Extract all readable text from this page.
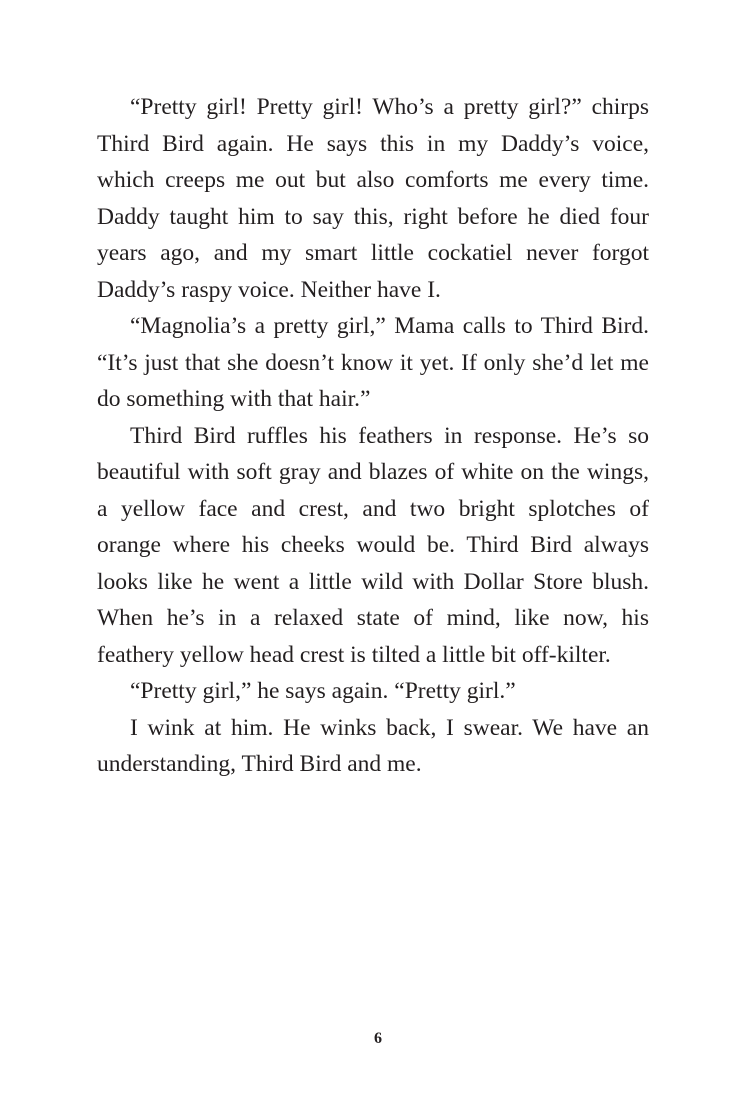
“Pretty girl! Pretty girl! Who’s a pretty girl?” chirps Third Bird again. He says this in my Daddy’s voice, which creeps me out but also comforts me every time. Daddy taught him to say this, right before he died four years ago, and my smart little cockatiel never forgot Daddy’s raspy voice. Neither have I.

“Magnolia’s a pretty girl,” Mama calls to Third Bird. “It’s just that she doesn’t know it yet. If only she’d let me do something with that hair.”

Third Bird ruffles his feathers in response. He’s so beautiful with soft gray and blazes of white on the wings, a yellow face and crest, and two bright splotches of orange where his cheeks would be. Third Bird always looks like he went a little wild with Dollar Store blush. When he’s in a relaxed state of mind, like now, his feathery yellow head crest is tilted a little bit off-kilter.

“Pretty girl,” he says again. “Pretty girl.”

I wink at him. He winks back, I swear. We have an understanding, Third Bird and me.

6
